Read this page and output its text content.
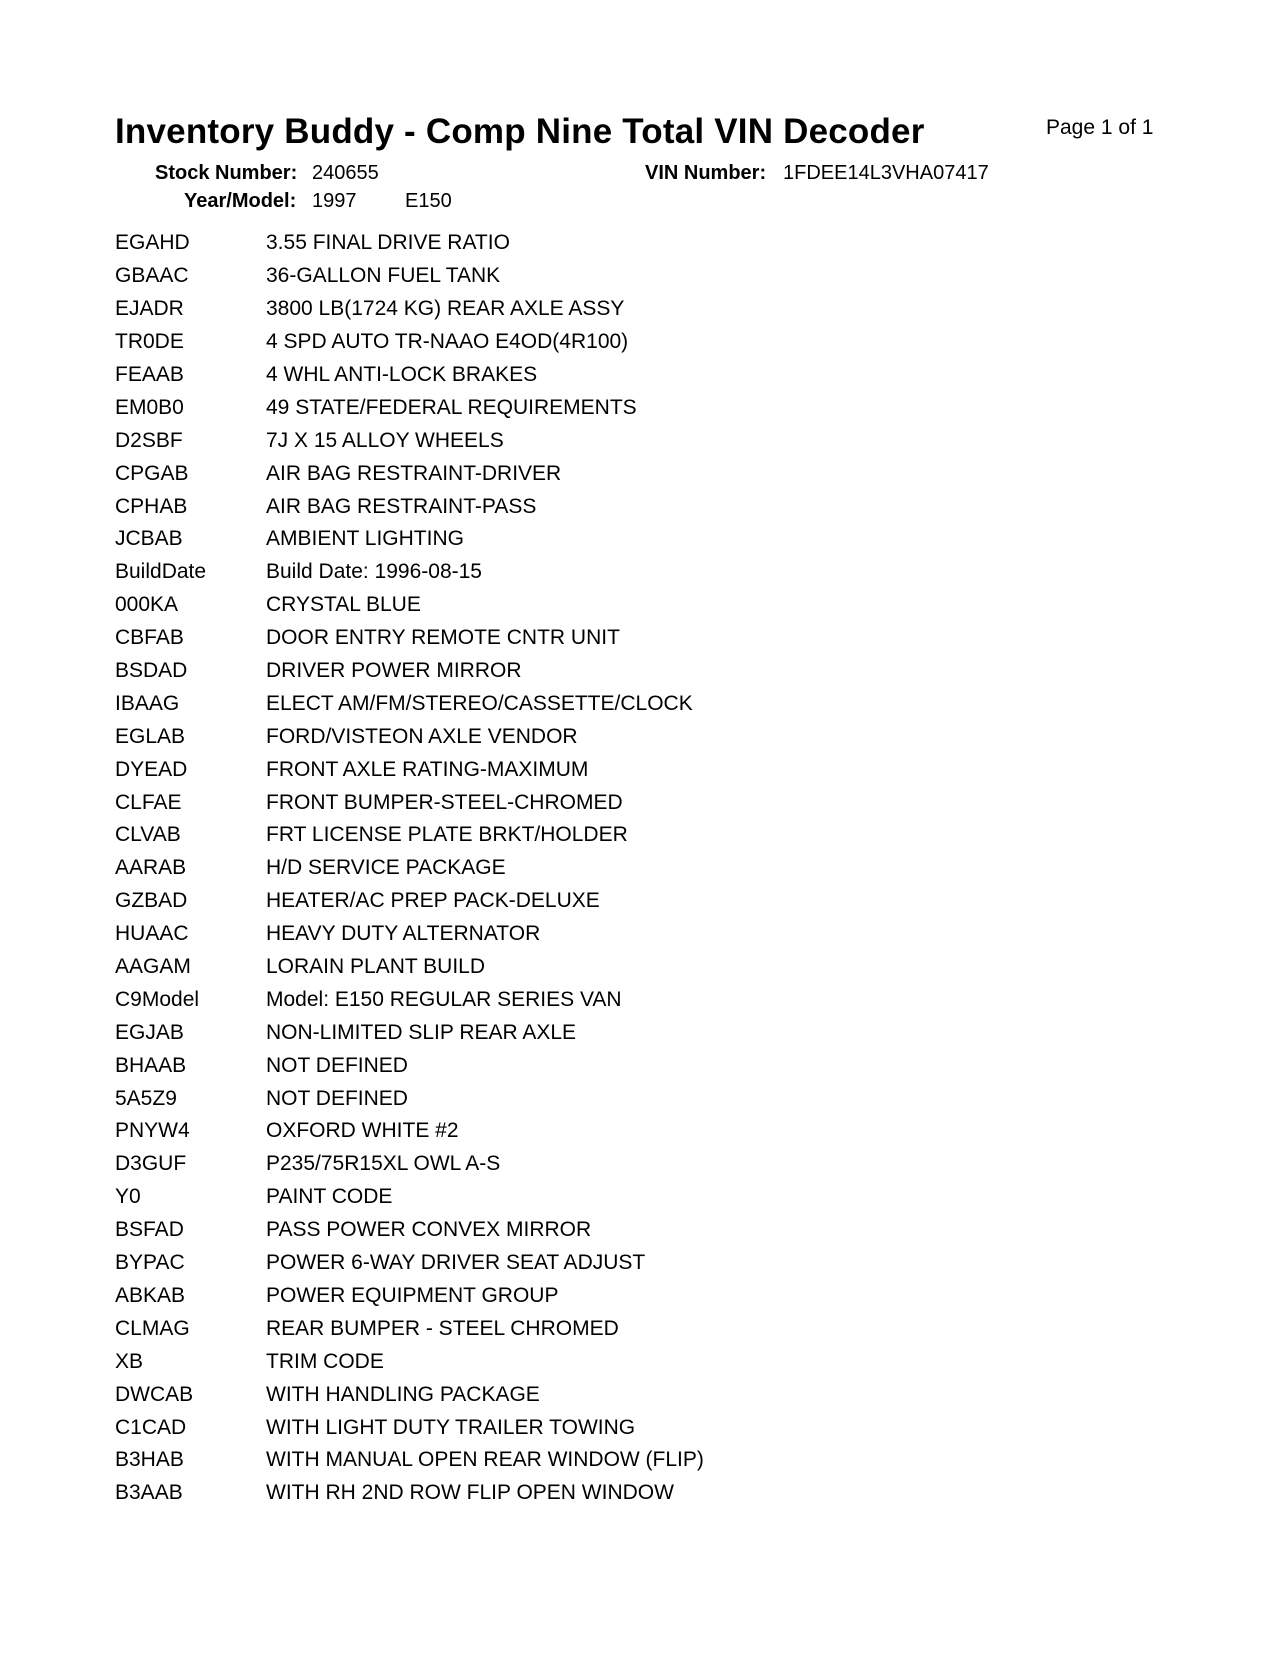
Inventory Buddy - Comp Nine Total VIN Decoder	Page 1 of 1
Stock Number: 240655	VIN Number: 1FDEE14L3VHA07417
Year/Model: 1997 E150
EGAHD	3.55 FINAL DRIVE RATIO
GBAAC	36-GALLON FUEL TANK
EJADR	3800 LB(1724 KG) REAR AXLE ASSY
TR0DE	4 SPD AUTO TR-NAAO E4OD(4R100)
FEAAB	4 WHL ANTI-LOCK BRAKES
EM0B0	49 STATE/FEDERAL REQUIREMENTS
D2SBF	7J X 15 ALLOY WHEELS
CPGAB	AIR BAG RESTRAINT-DRIVER
CPHAB	AIR BAG RESTRAINT-PASS
JCBAB	AMBIENT LIGHTING
BuildDate	Build Date: 1996-08-15
000KA	CRYSTAL BLUE
CBFAB	DOOR ENTRY REMOTE CNTR UNIT
BSDAD	DRIVER POWER MIRROR
IBAAG	ELECT AM/FM/STEREO/CASSETTE/CLOCK
EGLAB	FORD/VISTEON AXLE VENDOR
DYEAD	FRONT AXLE RATING-MAXIMUM
CLFAE	FRONT BUMPER-STEEL-CHROMED
CLVAB	FRT LICENSE PLATE BRKT/HOLDER
AARAB	H/D SERVICE PACKAGE
GZBAD	HEATER/AC PREP PACK-DELUXE
HUAAC	HEAVY DUTY ALTERNATOR
AAGAM	LORAIN PLANT BUILD
C9Model	Model: E150 REGULAR SERIES VAN
EGJAB	NON-LIMITED SLIP REAR AXLE
BHAAB	NOT DEFINED
5A5Z9	NOT DEFINED
PNYW4	OXFORD WHITE #2
D3GUF	P235/75R15XL OWL A-S
Y0	PAINT CODE
BSFAD	PASS POWER CONVEX MIRROR
BYPAC	POWER 6-WAY DRIVER SEAT ADJUST
ABKAB	POWER EQUIPMENT GROUP
CLMAG	REAR BUMPER - STEEL CHROMED
XB	TRIM CODE
DWCAB	WITH HANDLING PACKAGE
C1CAD	WITH LIGHT DUTY TRAILER TOWING
B3HAB	WITH MANUAL OPEN REAR WINDOW (FLIP)
B3AAB	WITH RH 2ND ROW FLIP OPEN WINDOW
